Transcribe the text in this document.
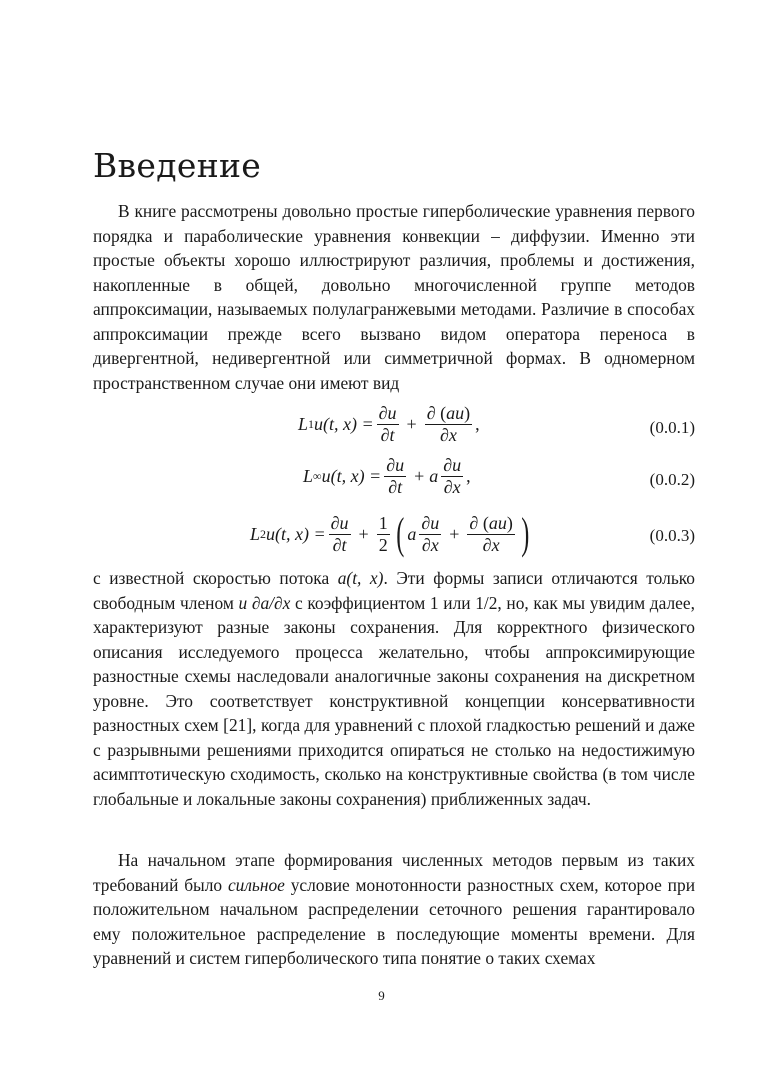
Введение

В книге рассмотрены довольно простые гиперболические уравнения первого порядка и параболические уравнения конвекции – диффузии. Именно эти простые объекты хорошо иллюстрируют различия, проблемы и достижения, накопленные в общей, довольно многочисленной группе методов аппроксимации, называемых полулагранжевыми методами. Различие в способах аппроксимации прежде всего вызвано видом оператора переноса в дивергентной, недивергентной или симметричной формах. В одномерном пространственном случае они имеют вид

L 1 u(t, $x) = \frac{\partial u}{\partial t} + \frac{\partial (au)}{\partial x}$ ,	(0.0.1)
L ∞ u(t, $x) = \frac{\partial u}{\partial t} + a \frac{\partial u}{\partial x}$ ,	(0.0.2)
L 2 u(t, $x) = \frac{\partial u}{\partial t} + \frac{1}{2}$ ( a $\frac{\partial u}{\partial x} + \frac{\partial (au)}{\partial x}$ )	(0.0.3)

с известной скоростью потока a(t, x). Эти формы записи отличаются только свободным членом u ∂a/∂x с коэффициентом 1 или 1/2, но, как мы увидим далее, характеризуют разные законы сохранения. Для корректного физического описания исследуемого процесса желательно, чтобы аппроксимирующие разностные схемы наследовали аналогичные законы сохранения на дискретном уровне. Это соответствует конструктивной концепции консервативности разностных схем [21], когда для уравнений с плохой гладкостью решений и даже с разрывными решениями приходится опираться не столько на недостижимую асимптотическую сходимость, сколько на конструктивные свойства (в том числе глобальные и локальные законы сохранения) приближенных задач.

На начальном этапе формирования численных методов первым из таких требований было сильное условие монотонности разностных схем, которое при положительном начальном распределении сеточного решения гарантировало ему положительное распределение в последующие моменты времени. Для уравнений и систем гиперболического типа понятие о таких схемах

9
